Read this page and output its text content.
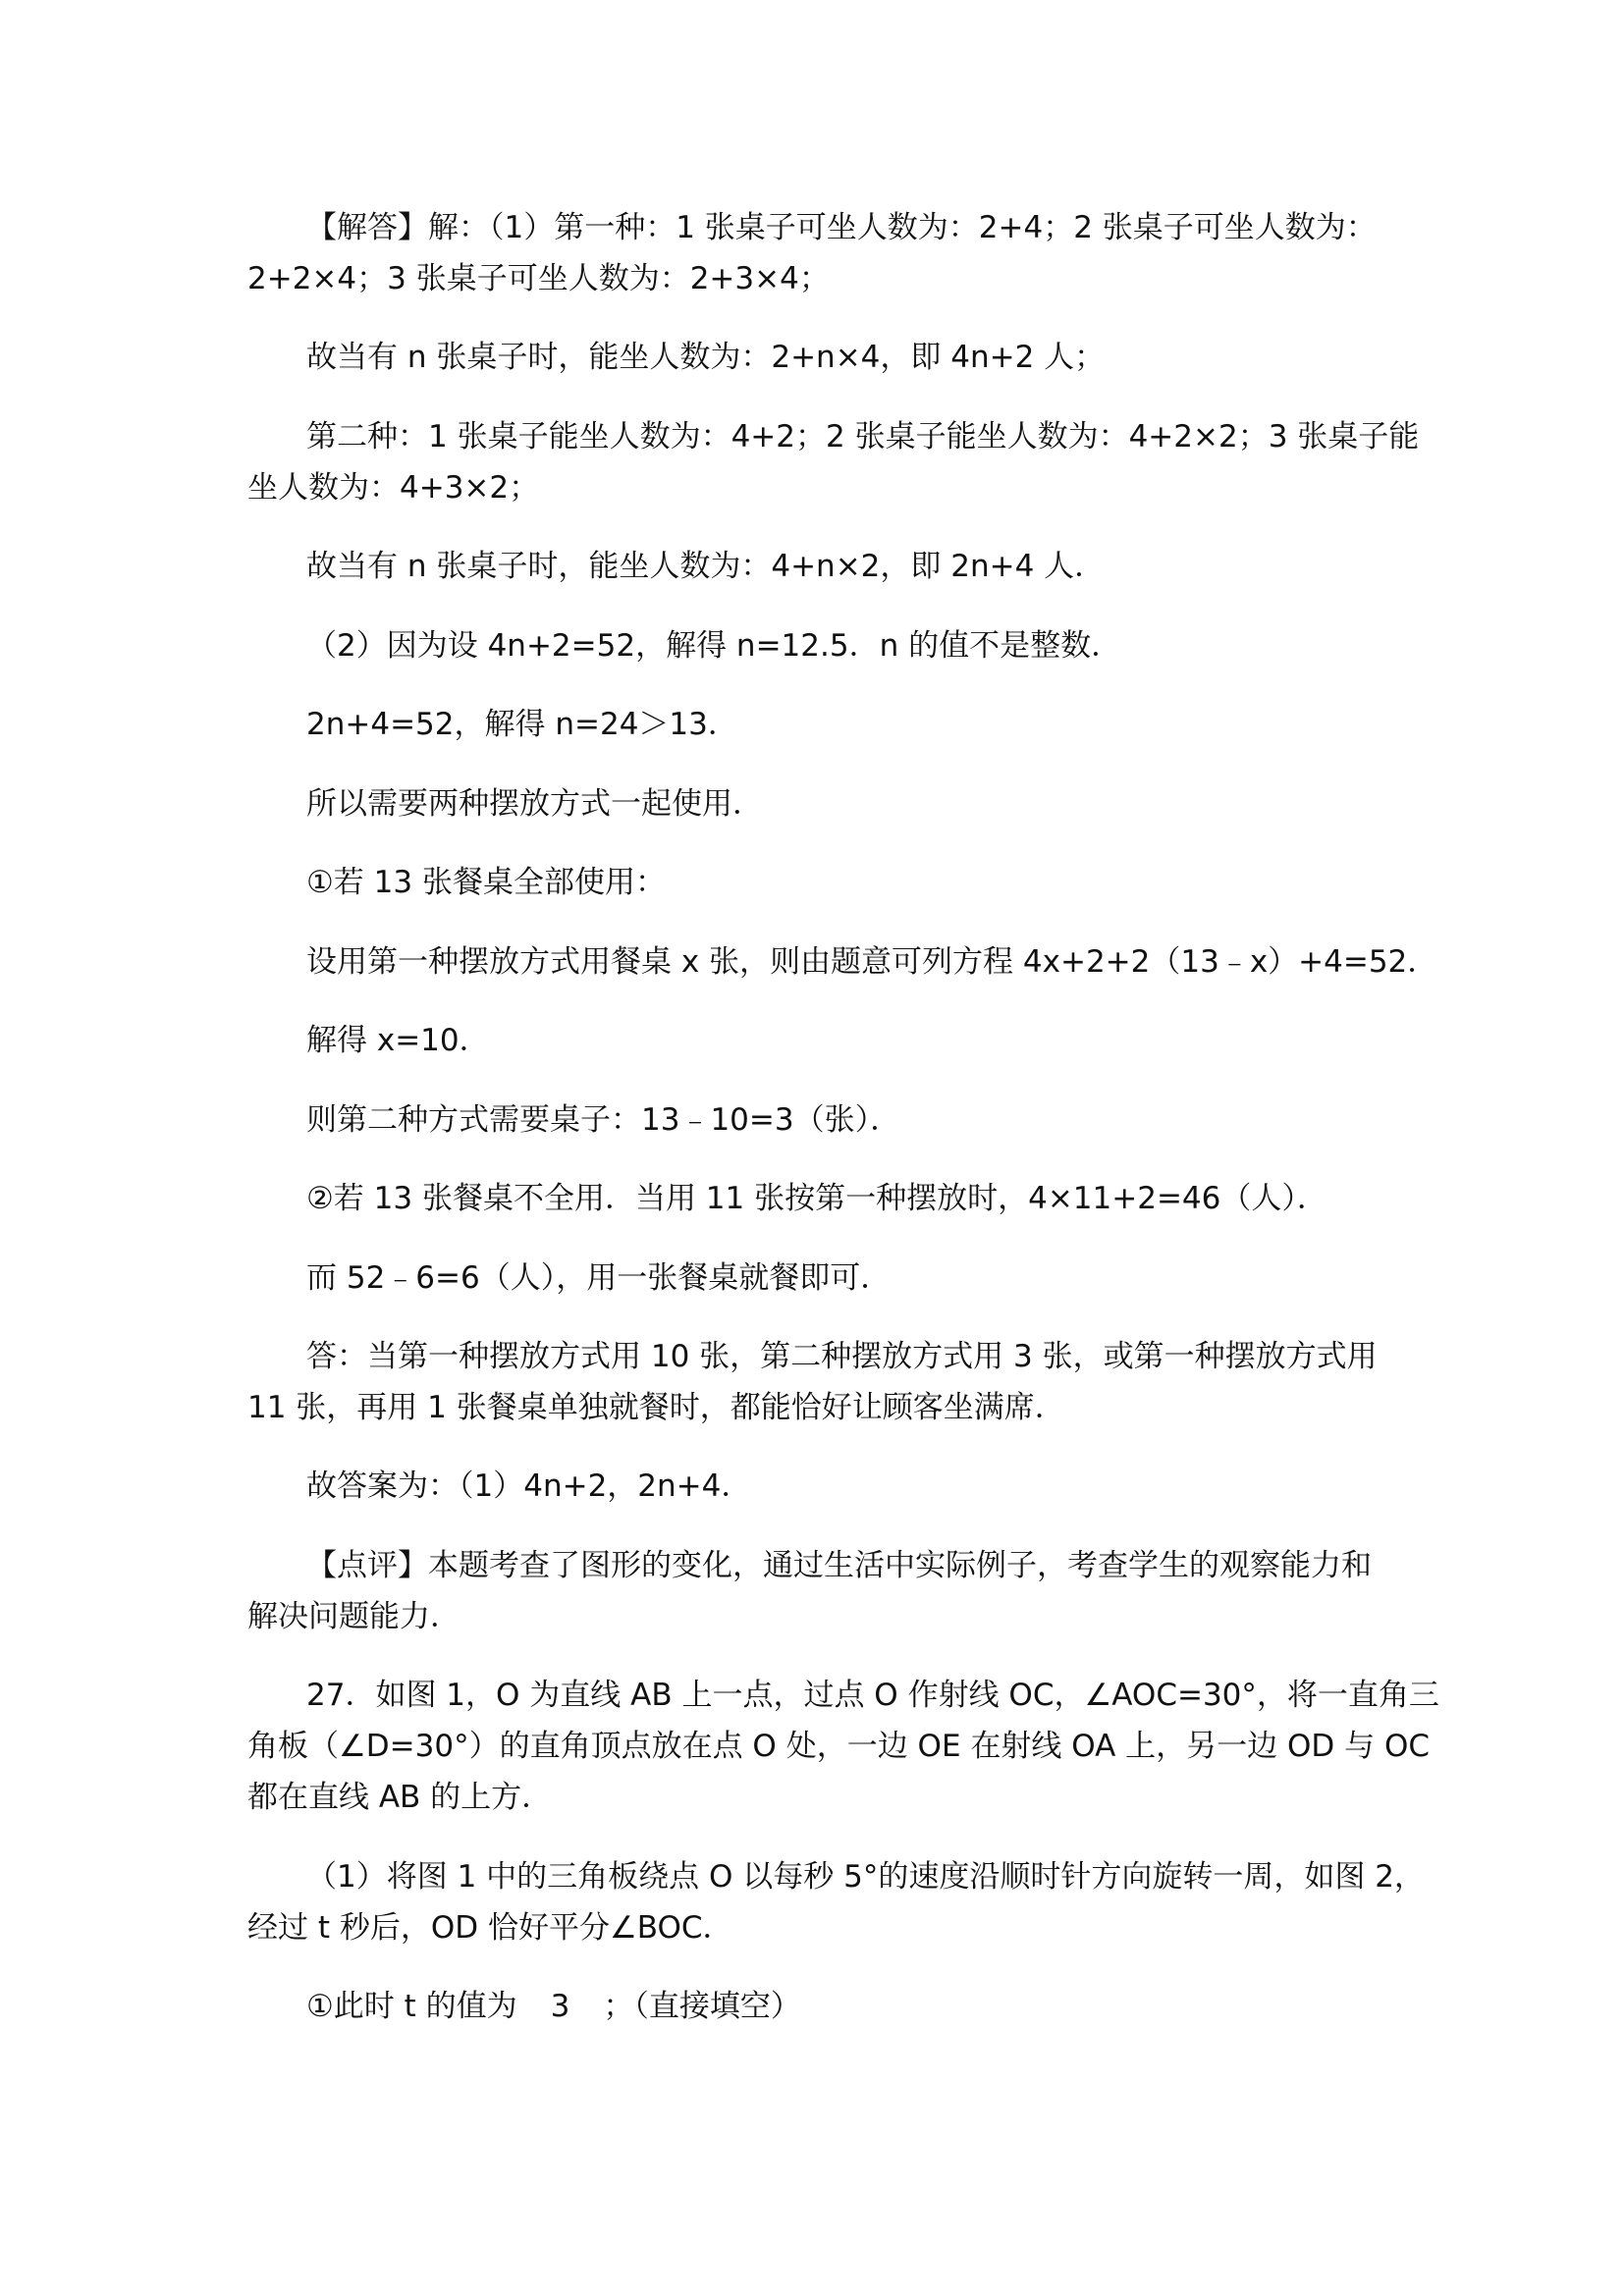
【解答】解：（1）第一种：1 张桌子可坐人数为：2+4；2 张桌子可坐人数为：
2+2×4；3 张桌子可坐人数为：2+3×4；
故当有 n 张桌子时，能坐人数为：2+n×4，即 4n+2 人；
第二种：1 张桌子能坐人数为：4+2；2 张桌子能坐人数为：4+2×2；3 张桌子能
坐人数为：4+3×2；
故当有 n 张桌子时，能坐人数为：4+n×2，即 2n+4 人．
（2）因为设 4n+2=52，解得 n=12.5．n 的值不是整数．
2n+4=52，解得 n=24＞13．
所以需要两种摆放方式一起使用．
①若 13 张餐桌全部使用：
设用第一种摆放方式用餐桌 x 张，则由题意可列方程 4x+2+2（13﹣x）+4=52．
解得 x=10．
则第二种方式需要桌子：13﹣10=3（张）．
②若 13 张餐桌不全用．当用 11 张按第一种摆放时，4×11+2=46（人）．
而 52﹣6=6（人），用一张餐桌就餐即可．
答：当第一种摆放方式用 10 张，第二种摆放方式用 3 张，或第一种摆放方式用
11 张，再用 1 张餐桌单独就餐时，都能恰好让顾客坐满席．
故答案为：（1）4n+2，2n+4．
【点评】本题考查了图形的变化，通过生活中实际例子，考查学生的观察能力和
解决问题能力．
27．如图 1，O 为直线 AB 上一点，过点 O 作射线 OC，∠AOC=30°，将一直角三
角板（∠D=30°）的直角顶点放在点 O 处，一边 OE 在射线 OA 上，另一边 OD 与 OC
都在直线 AB 的上方．
（1）将图 1 中的三角板绕点 O 以每秒 5°的速度沿顺时针方向旋转一周，如图 2，
经过 t 秒后，OD 恰好平分∠BOC．
①此时 t 的值为 3 ；（直接填空）
